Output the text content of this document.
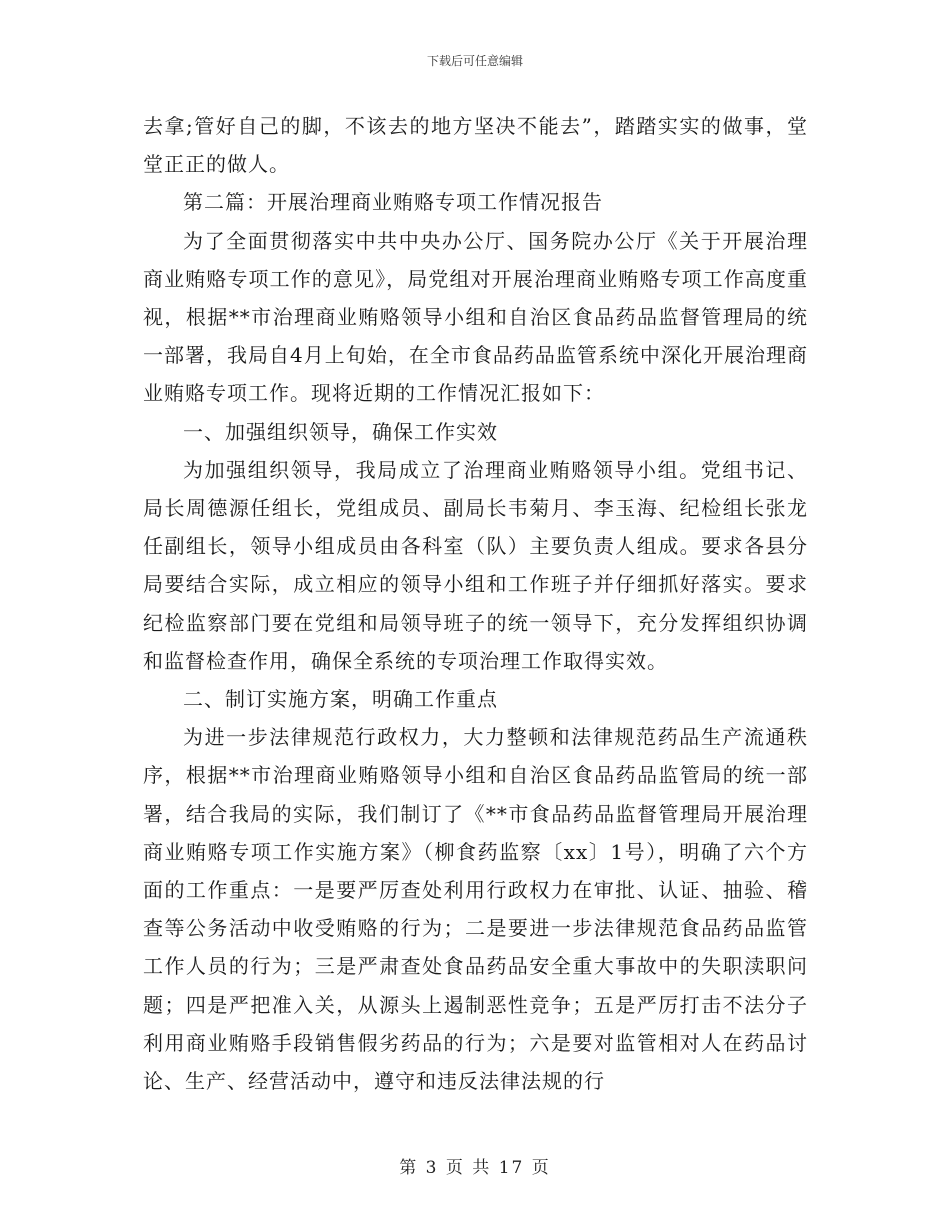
下载后可任意编辑

去拿;管好自己的脚，不该去的地方坚决不能去”，踏踏实实的做事，堂堂正正的做人。

第二篇：开展治理商业贿赂专项工作情况报告

为了全面贯彻落实中共中央办公厅、国务院办公厅《关于开展治理商业贿赂专项工作的意见》，局党组对开展治理商业贿赂专项工作高度重视，根据**市治理商业贿赂领导小组和自治区食品药品监督管理局的统一部署，我局自4月上旬始，在全市食品药品监管系统中深化开展治理商业贿赂专项工作。现将近期的工作情况汇报如下：

一、加强组织领导，确保工作实效

为加强组织领导，我局成立了治理商业贿赂领导小组。党组书记、局长周德源任组长，党组成员、副局长韦菊月、李玉海、纪检组长张龙任副组长，领导小组成员由各科室（队）主要负责人组成。要求各县分局要结合实际，成立相应的领导小组和工作班子并仔细抓好落实。要求纪检监察部门要在党组和局领导班子的统一领导下，充分发挥组织协调和监督检查作用，确保全系统的专项治理工作取得实效。

二、制订实施方案，明确工作重点

为进一步法律规范行政权力，大力整顿和法律规范药品生产流通秩序，根据**市治理商业贿赂领导小组和自治区食品药品监管局的统一部署，结合我局的实际，我们制订了《**市食品药品监督管理局开展治理商业贿赂专项工作实施方案》（柳食药监察〔xx〕1号），明确了六个方面的工作重点：一是要严厉查处利用行政权力在审批、认证、抽验、稽查等公务活动中收受贿赂的行为；二是要进一步法律规范食品药品监管工作人员的行为；三是严肃查处食品药品安全重大事故中的失职渎职问题；四是严把准入关，从源头上遏制恶性竞争；五是严厉打击不法分子利用商业贿赂手段销售假劣药品的行为；六是要对监管相对人在药品讨论、生产、经营活动中，遵守和违反法律法规的行

第 3 页 共 17 页
